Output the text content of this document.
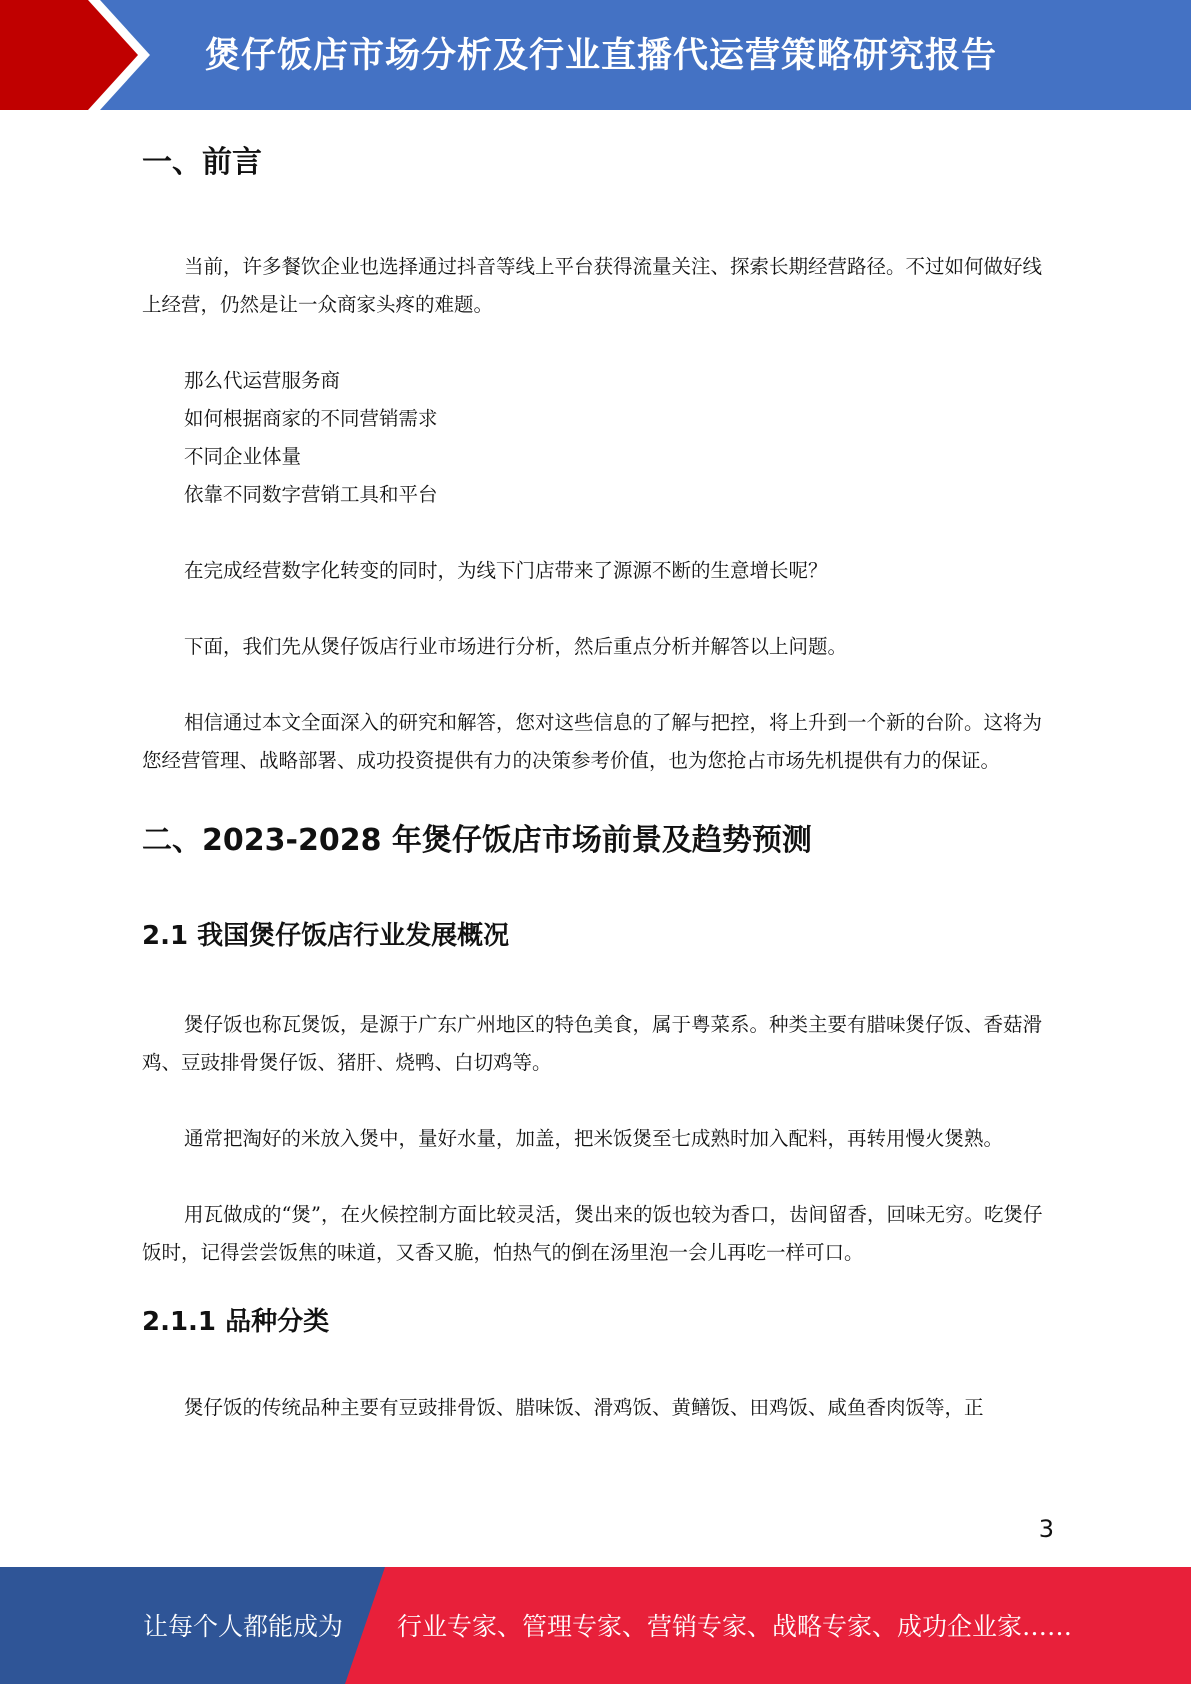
煲仔饭店市场分析及行业直播代运营策略研究报告
一、前言

当前，许多餐饮企业也选择通过抖音等线上平台获得流量关注、探索长期经营路径。不过如何做好线上经营，仍然是让一众商家头疼的难题。

那么代运营服务商
如何根据商家的不同营销需求
不同企业体量
依靠不同数字营销工具和平台

在完成经营数字化转变的同时，为线下门店带来了源源不断的生意增长呢？

下面，我们先从煲仔饭店行业市场进行分析，然后重点分析并解答以上问题。

相信通过本文全面深入的研究和解答，您对这些信息的了解与把控，将上升到一个新的台阶。这将为您经营管理、战略部署、成功投资提供有力的决策参考价值，也为您抢占市场先机提供有力的保证。

二、2023-2028 年煲仔饭店市场前景及趋势预测
2.1 我国煲仔饭店行业发展概况

煲仔饭也称瓦煲饭，是源于广东广州地区的特色美食，属于粤菜系。种类主要有腊味煲仔饭、香菇滑鸡、豆豉排骨煲仔饭、猪肝、烧鸭、白切鸡等。

通常把淘好的米放入煲中，量好水量，加盖，把米饭煲至七成熟时加入配料，再转用慢火煲熟。

用瓦做成的“煲”，在火候控制方面比较灵活，煲出来的饭也较为香口，齿间留香，回味无穷。吃煲仔饭时，记得尝尝饭焦的味道，又香又脆，怕热气的倒在汤里泡一会儿再吃一样可口。

2.1.1 品种分类

煲仔饭的传统品种主要有豆豉排骨饭、腊味饭、滑鸡饭、黄鳝饭、田鸡饭、咸鱼香肉饭等，正

3
让每个人都能成为 行业专家、管理专家、营销专家、战略专家、成功企业家……
